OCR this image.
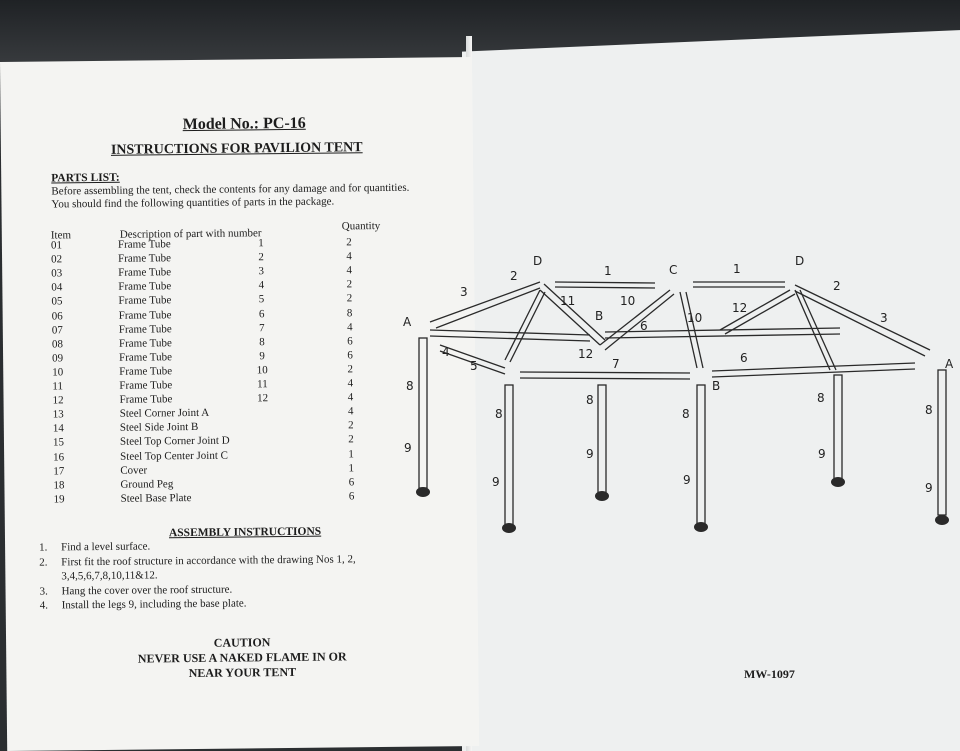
Model No.: PC-16
INSTRUCTIONS FOR PAVILION TENT
PARTS LIST:
Before assembling the tent, check the contents for any damage and for quantities.
You should find the following quantities of parts in the package.
Item	Description of part with number
Quantity
01	Frame Tube	1	2
02	Frame Tube	2	4
03	Frame Tube	3	4
04	Frame Tube	4	2
05	Frame Tube	5	2
06	Frame Tube	6	8
07	Frame Tube	7	4
08	Frame Tube	8	6
09	Frame Tube	9	6
10	Frame Tube	10	2
11	Frame Tube	11	4
12	Frame Tube	12	4
13	Steel Corner Joint A	4
14	Steel Side Joint B	2
15	Steel Top Corner Joint D	2
16	Steel Top Center Joint C	1
17	Cover	1
18	Ground Peg	6
19	Steel Base Plate	6
ASSEMBLY INSTRUCTIONS
1. Find a level surface.
2. First fit the roof structure in accordance with the drawing Nos 1, 2,
3,4,5,6,7,8,10,11&12.
3. Hang the cover over the roof structure.
4. Install the legs 9, including the base plate.
CAUTION
NEVER USE A NAKED FLAME IN OR
NEAR YOUR TENT	MW-1097
A
A
B
B
C
D	D
1	1
2
2
3
3
4
5
6
6
7
8
8
8
8
8
8
9
9
9
9
9
9
10
10
11	12
12
